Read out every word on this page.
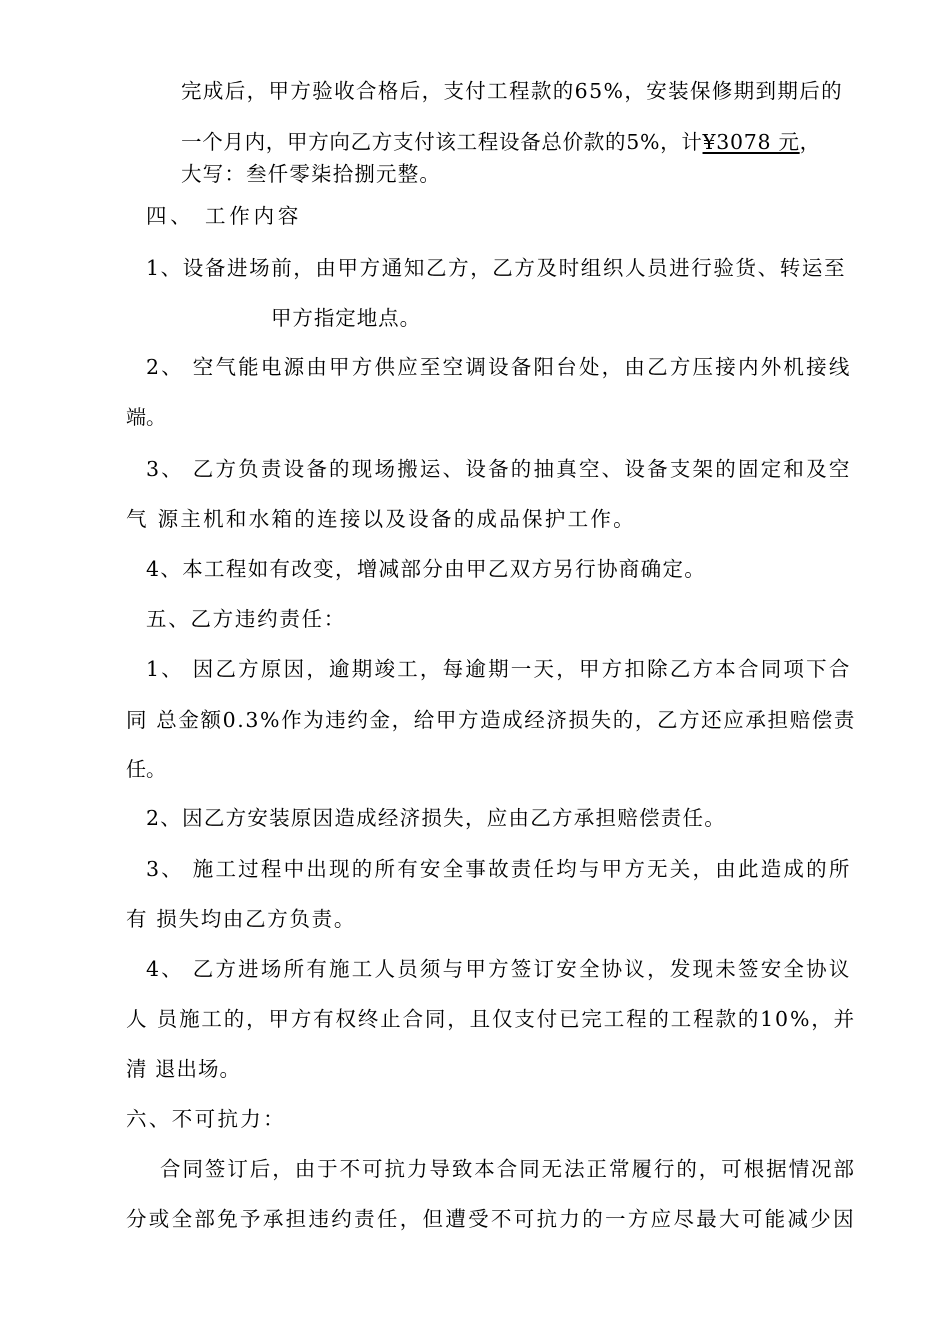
完成后，甲方验收合格后，支付工程款的65%，安装保修期到期后的
一个月内，甲方向乙方支付该工程设备总价款的5%，计¥3078 元，
大写：叁仟零柒拾捌元整。
四、 工作内容
1、设备进场前，由甲方通知乙方，乙方及时组织人员进行验货、转运至
甲方指定地点。
2、 空气能电源由甲方供应至空调设备阳台处，由乙方压接内外机接线
端。
3、 乙方负责设备的现场搬运、设备的抽真空、设备支架的固定和及空
气 源主机和水箱的连接以及设备的成品保护工作。
4、本工程如有改变，增减部分由甲乙双方另行协商确定。
五、乙方违约责任：
1、 因乙方原因，逾期竣工，每逾期一天，甲方扣除乙方本合同项下合
同 总金额0.3%作为违约金，给甲方造成经济损失的，乙方还应承担赔偿责
任。
2、因乙方安装原因造成经济损失，应由乙方承担赔偿责任。
3、 施工过程中出现的所有安全事故责任均与甲方无关，由此造成的所
有 损失均由乙方负责。
4、 乙方进场所有施工人员须与甲方签订安全协议，发现未签安全协议
人 员施工的，甲方有权终止合同，且仅支付已完工程的工程款的10%，并
清 退出场。
六、不可抗力：
合同签订后，由于不可抗力导致本合同无法正常履行的，可根据情况部
分或全部免予承担违约责任，但遭受不可抗力的一方应尽最大可能减少因
